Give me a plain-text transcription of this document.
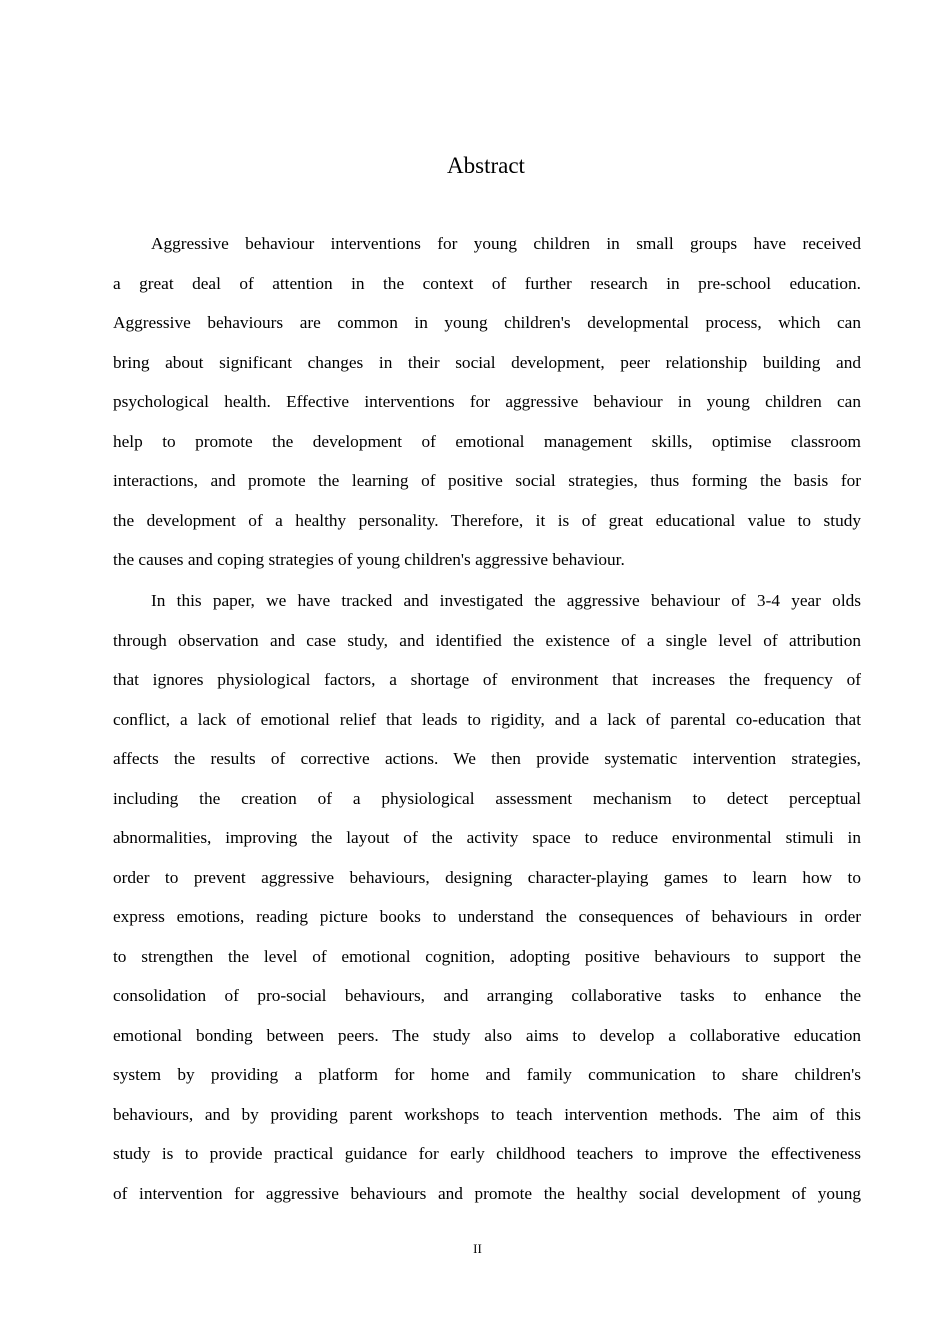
Abstract
Aggressive behaviour interventions for young children in small groups have received
a great deal of attention in the context of further research in pre-school education.
Aggressive behaviours are common in young children's developmental process, which can
bring about significant changes in their social development, peer relationship building and
psychological health. Effective interventions for aggressive behaviour in young children can
help to promote the development of emotional management skills, optimise classroom
interactions, and promote the learning of positive social strategies, thus forming the basis for
the development of a healthy personality. Therefore, it is of great educational value to study
the causes and coping strategies of young children's aggressive behaviour.
In this paper, we have tracked and investigated the aggressive behaviour of 3-4 year olds
through observation and case study, and identified the existence of a single level of attribution
that ignores physiological factors, a shortage of environment that increases the frequency of
conflict, a lack of emotional relief that leads to rigidity, and a lack of parental co-education that
affects the results of corrective actions. We then provide systematic intervention strategies,
including the creation of a physiological assessment mechanism to detect perceptual
abnormalities, improving the layout of the activity space to reduce environmental stimuli in
order to prevent aggressive behaviours, designing character-playing games to learn how to
express emotions, reading picture books to understand the consequences of behaviours in order
to strengthen the level of emotional cognition, adopting positive behaviours to support the
consolidation of pro-social behaviours, and arranging collaborative tasks to enhance the
emotional bonding between peers. The study also aims to develop a collaborative education
system by providing a platform for home and family communication to share children's
behaviours, and by providing parent workshops to teach intervention methods. The aim of this
study is to provide practical guidance for early childhood teachers to improve the effectiveness
of intervention for aggressive behaviours and promote the healthy social development of young
II
